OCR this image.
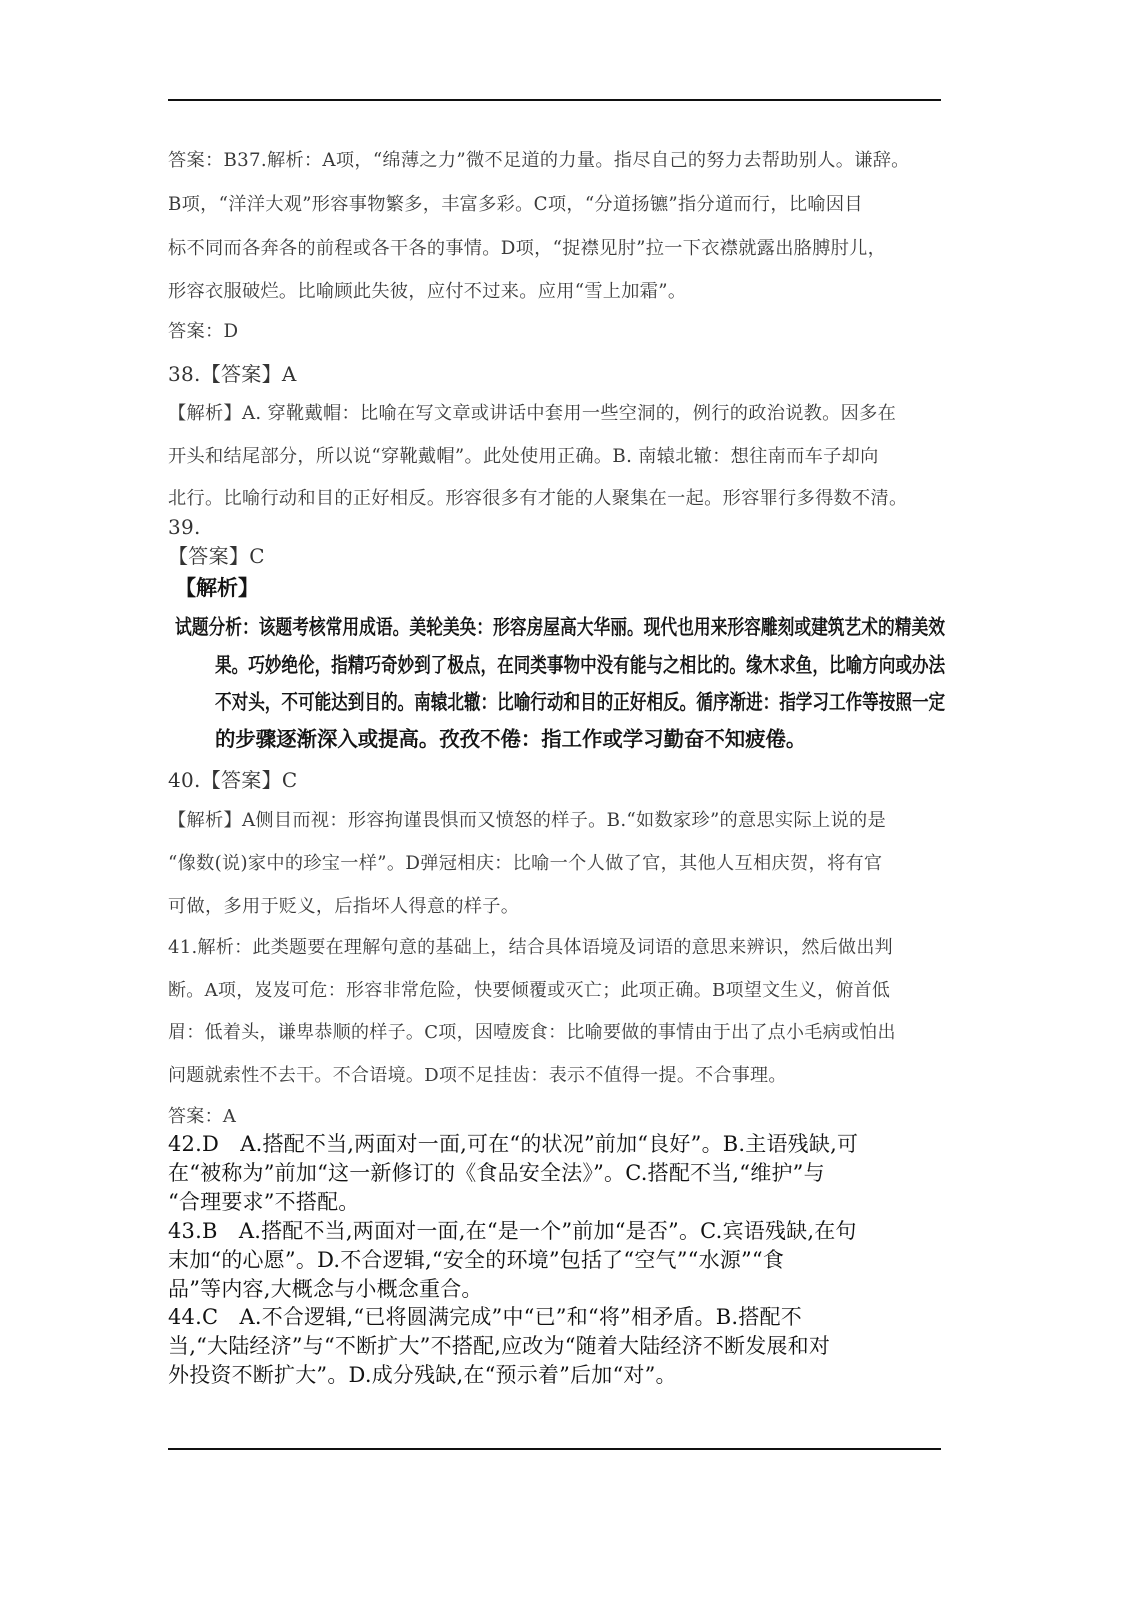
答案：B37.解析：A项，“绵薄之力”微不足道的力量。指尽自己的努力去帮助别人。谦辞。
B项，“洋洋大观”形容事物繁多，丰富多彩。C项，“分道扬镳”指分道而行，比喻因目
标不同而各奔各的前程或各干各的事情。D项，“捉襟见肘”拉一下衣襟就露出胳膊肘儿，
形容衣服破烂。比喻顾此失彼，应付不过来。应用“雪上加霜”。
答案：D
38.【答案】A
【解析】A. 穿靴戴帽：比喻在写文章或讲话中套用一些空洞的，例行的政治说教。因多在
开头和结尾部分，所以说“穿靴戴帽”。此处使用正确。B. 南辕北辙：想往南而车子却向
北行。比喻行动和目的正好相反。形容很多有才能的人聚集在一起。形容罪行多得数不清。
39.
【答案】C
【解析】
试题分析：该题考核常用成语。美轮美奂：形容房屋高大华丽。现代也用来形容雕刻或建筑艺术的精美效
果。巧妙绝伦，指精巧奇妙到了极点，在同类事物中没有能与之相比的。缘木求鱼，比喻方向或办法
不对头，不可能达到目的。南辕北辙：比喻行动和目的正好相反。循序渐进：指学习工作等按照一定
的步骤逐渐深入或提高。孜孜不倦：指工作或学习勤奋不知疲倦。
40.【答案】C
【解析】A侧目而视：形容拘谨畏惧而又愤怒的样子。B.“如数家珍”的意思实际上说的是
“像数(说)家中的珍宝一样”。D弹冠相庆：比喻一个人做了官，其他人互相庆贺，将有官
可做，多用于贬义，后指坏人得意的样子。
41.解析：此类题要在理解句意的基础上，结合具体语境及词语的意思来辨识，然后做出判
断。A项，岌岌可危：形容非常危险，快要倾覆或灭亡；此项正确。B项望文生义，俯首低
眉：低着头，谦卑恭顺的样子。C项，因噎废食：比喻要做的事情由于出了点小毛病或怕出
问题就索性不去干。不合语境。D项不足挂齿：表示不值得一提。不合事理。
答案：A
42.D　A.搭配不当,两面对一面,可在“的状况”前加“良好”。B.主语残缺,可
在“被称为”前加“这一新修订的《食品安全法》”。C.搭配不当,“维护”与
“合理要求”不搭配。
43.B　A.搭配不当,两面对一面,在“是一个”前加“是否”。C.宾语残缺,在句
末加“的心愿”。D.不合逻辑,“安全的环境”包括了“空气”“水源”“食
品”等内容,大概念与小概念重合。
44.C　A.不合逻辑,“已将圆满完成”中“已”和“将”相矛盾。B.搭配不
当,“大陆经济”与“不断扩大”不搭配,应改为“随着大陆经济不断发展和对
外投资不断扩大”。D.成分残缺,在“预示着”后加“对”。
